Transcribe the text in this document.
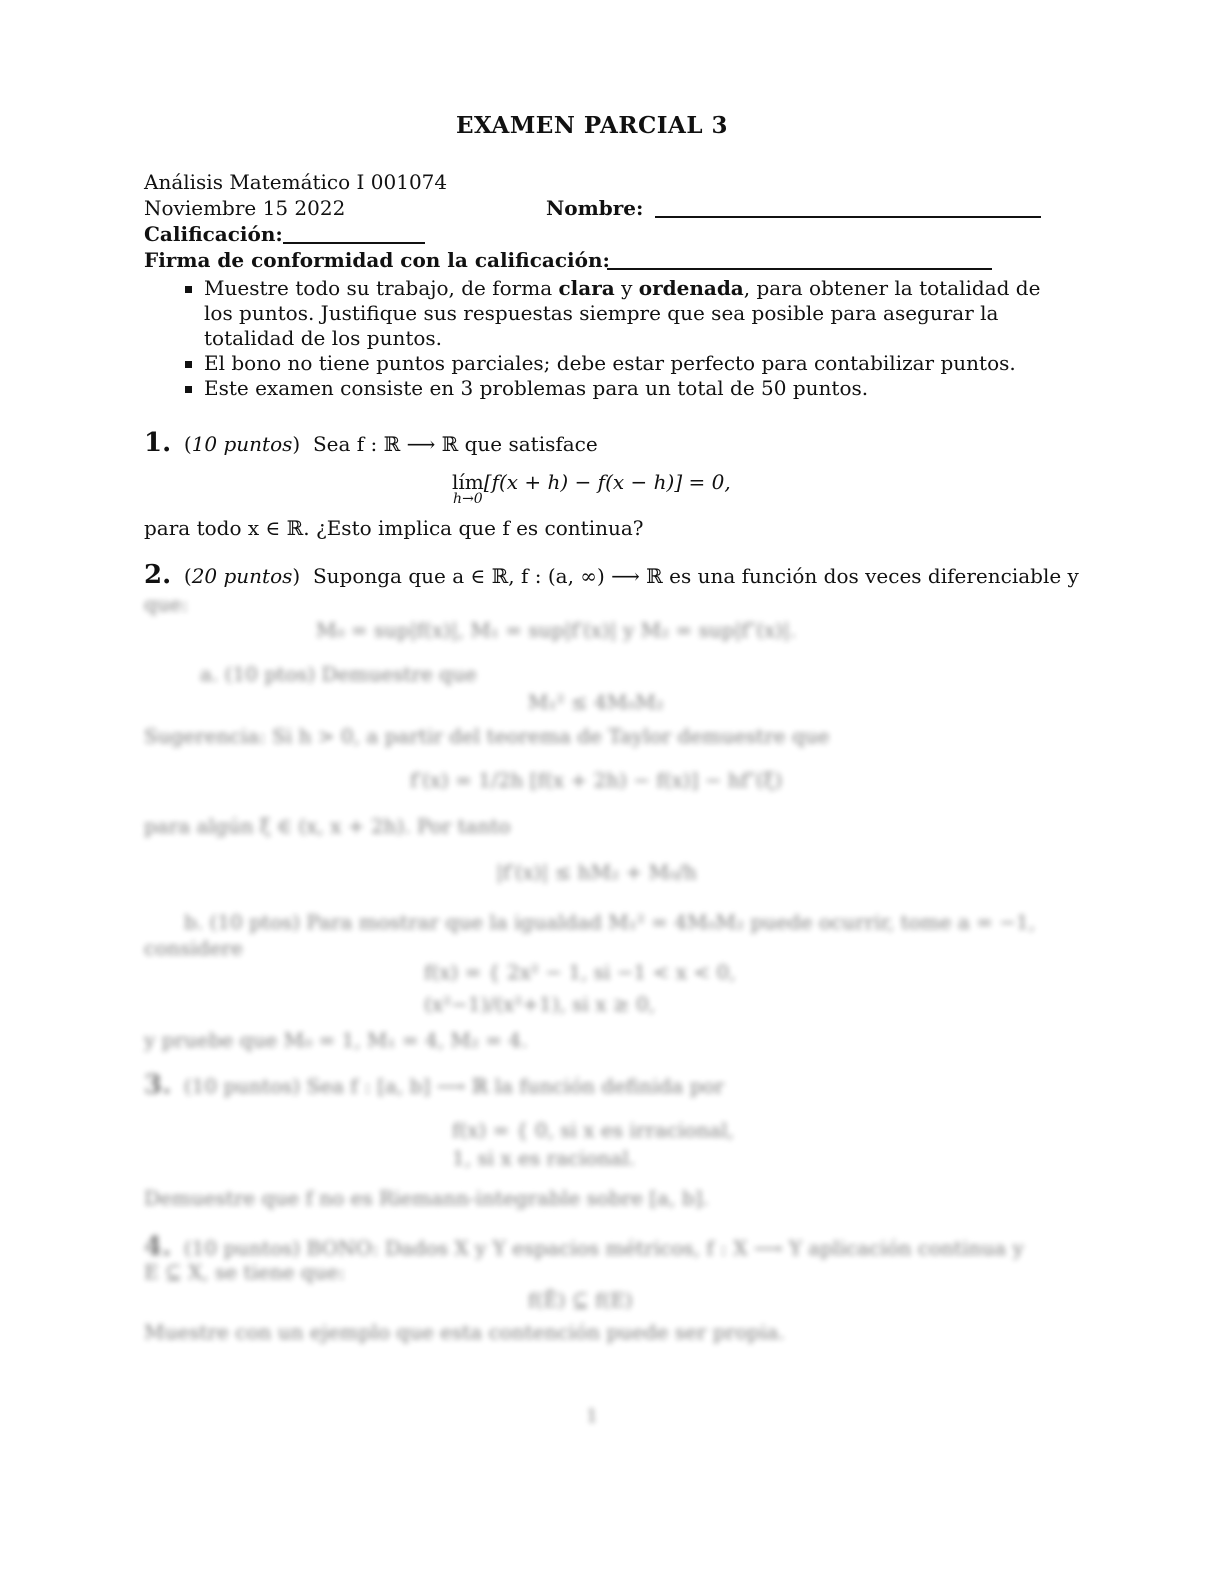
EXAMEN PARCIAL 3
Análisis Matemático I 001074
Noviembre 15 2022	Nombre:
Calificación:
Firma de conformidad con la calificación:
Muestre todo su trabajo, de forma clara y ordenada, para obtener la totalidad de los puntos. Justifique sus respuestas siempre que sea posible para asegurar la totalidad de los puntos.
El bono no tiene puntos parciales; debe estar perfecto para contabilizar puntos.
Este examen consiste en 3 problemas para un total de 50 puntos.
1.  (10 puntos)  Sea f : ℝ ⟶ ℝ que satisface
lím
h→0
[f(x + h) − f(x − h)] = 0,
para todo x ∈ ℝ. ¿Esto implica que f es continua?
2.  (20 puntos)  Suponga que a ∈ ℝ, f : (a, ∞) ⟶ ℝ es una función dos veces diferenciable y
que:
M₀ = sup|f(x)|, M₁ = sup|f′(x)| y M₂ = sup|f″(x)|.
a. (10 ptos) Demuestre que
M₁² ≤ 4M₀M₂
Sugerencia: Si h > 0, a partir del teorema de Taylor demuestre que
f′(x) = 1/2h [f(x + 2h) − f(x)] − hf″(ξ)
para algún ξ ∈ (x, x + 2h). Por tanto
|f′(x)| ≤ hM₂ + M₀/h
b. (10 ptos) Para mostrar que la igualdad M₁² = 4M₀M₂ puede ocurrir, tome a = −1,
considere
f(x) = { 2x² − 1, si −1 < x < 0,
(x²−1)/(x²+1), si x ≥ 0,
y pruebe que M₀ = 1, M₁ = 4, M₂ = 4.
3. (10 puntos) Sea f : [a, b] ⟶ ℝ la función definida por
f(x) = { 0, si x es irracional,
1, si x es racional.
Demuestre que f no es Riemann-integrable sobre [a, b].
4. (10 puntos) BONO: Dados X y Y espacios métricos, f : X ⟶ Y aplicación continua y
E ⊆ X, se tiene que:
f(Ē) ⊆ f(E)
Muestre con un ejemplo que esta contención puede ser propia.
1
